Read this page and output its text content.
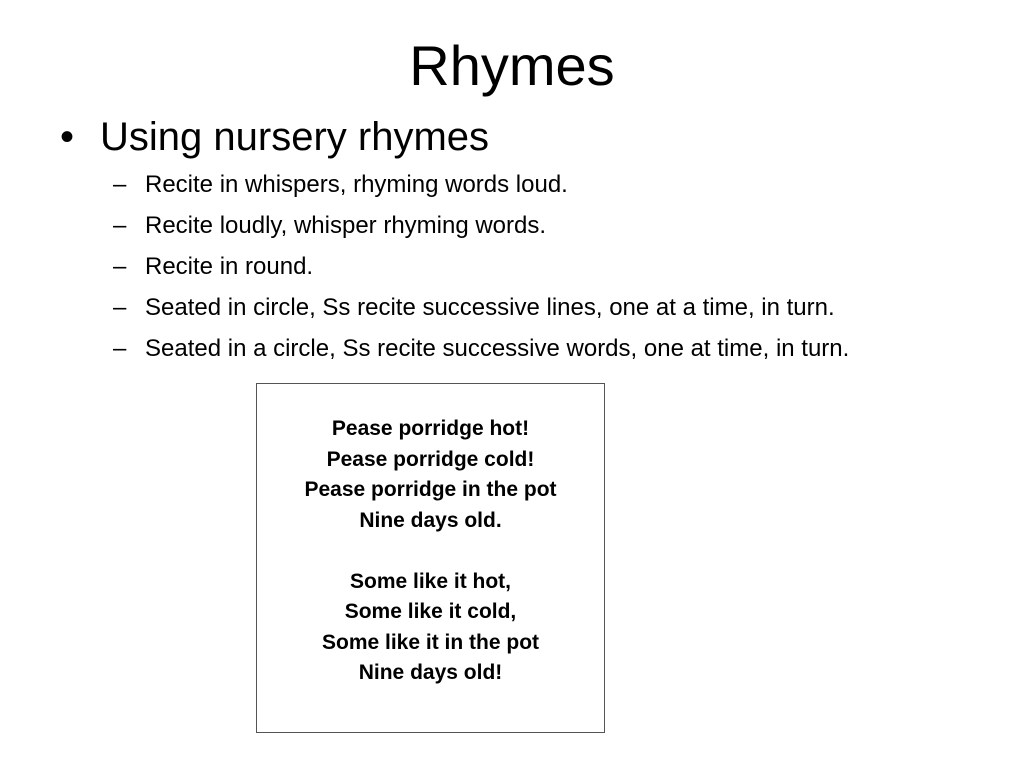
Rhymes
• Using nursery rhymes
– Recite in whispers, rhyming words loud.
– Recite loudly, whisper rhyming words.
– Recite in round.
– Seated in circle, Ss recite successive lines, one at a time, in turn.
– Seated in a circle, Ss recite successive words, one at time, in turn.
Pease porridge hot!
Pease porridge cold!
Pease porridge in the pot
Nine days old.
Some like it hot,
Some like it cold,
Some like it in the pot
Nine days old!
